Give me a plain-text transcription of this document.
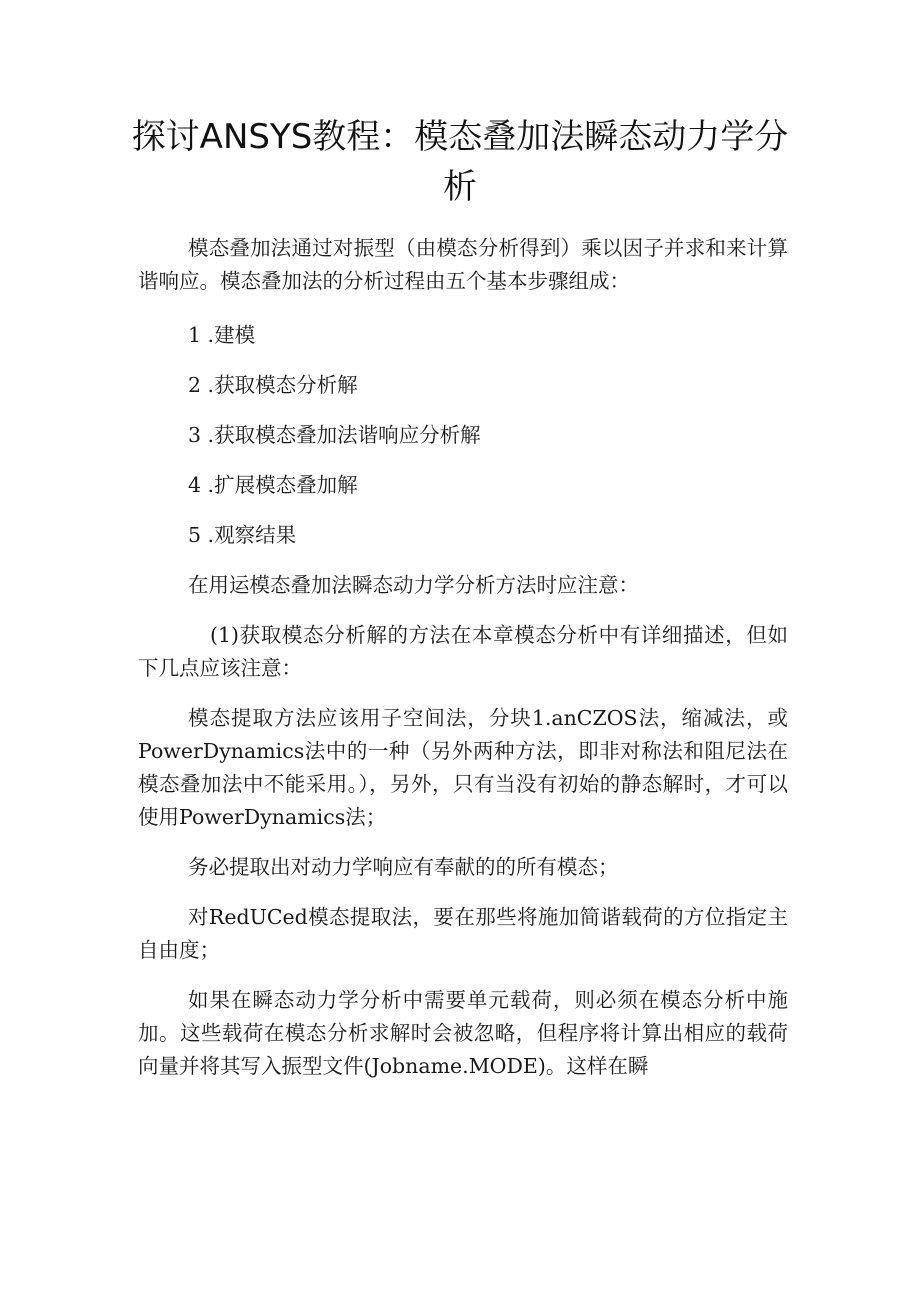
探讨ANSYS教程：模态叠加法瞬态动力学分析

模态叠加法通过对振型（由模态分析得到）乘以因子并求和来计算谐响应。模态叠加法的分析过程由五个基本步骤组成：

1 .建模

2 .获取模态分析解

3 .获取模态叠加法谐响应分析解

4 .扩展模态叠加解

5 .观察结果

在用运模态叠加法瞬态动力学分析方法时应注意：

(1)获取模态分析解的方法在本章模态分析中有详细描述，但如下几点应该注意：

模态提取方法应该用子空间法，分块1.anCZOS法，缩减法，或PowerDynamics法中的一种（另外两种方法，即非对称法和阻尼法在模态叠加法中不能采用。），另外，只有当没有初始的静态解时，才可以使用PowerDynamics法；

务必提取出对动力学响应有奉献的的所有模态；

对RedUCed模态提取法，要在那些将施加简谐载荷的方位指定主自由度；

如果在瞬态动力学分析中需要单元载荷，则必须在模态分析中施加。这些载荷在模态分析求解时会被忽略，但程序将计算出相应的载荷向量并将其写入振型文件(Jobname.MODE)。这样在瞬
